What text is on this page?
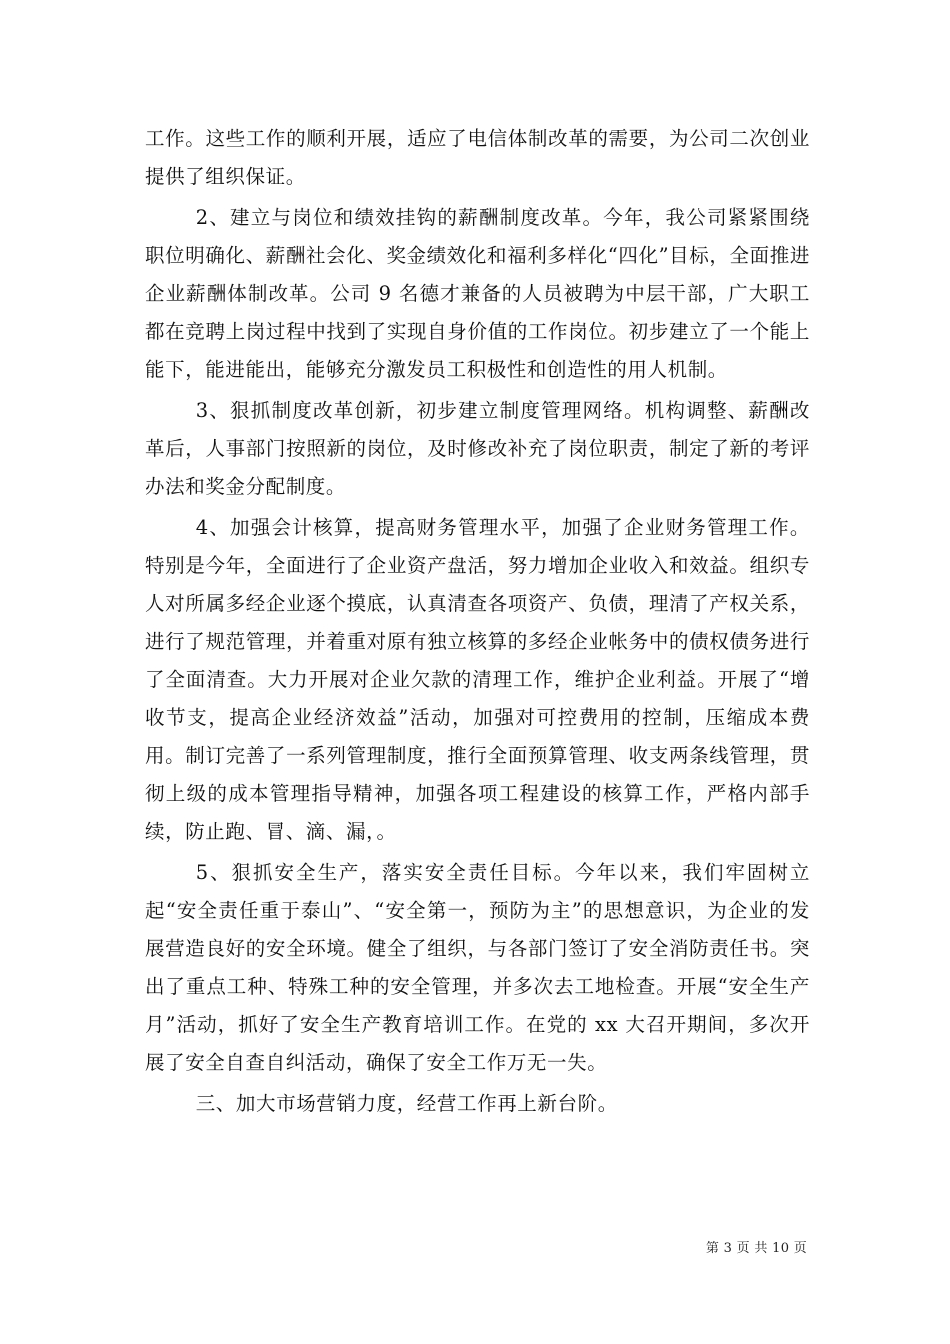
工作。这些工作的顺利开展，适应了电信体制改革的需要，为公司二次创业提供了组织保证。

2、建立与岗位和绩效挂钩的薪酬制度改革。今年，我公司紧紧围绕职位明确化、薪酬社会化、奖金绩效化和福利多样化“四化”目标，全面推进企业薪酬体制改革。公司 9 名德才兼备的人员被聘为中层干部，广大职工都在竞聘上岗过程中找到了实现自身价值的工作岗位。初步建立了一个能上能下，能进能出，能够充分激发员工积极性和创造性的用人机制。

3、狠抓制度改革创新，初步建立制度管理网络。机构调整、薪酬改革后，人事部门按照新的岗位，及时修改补充了岗位职责，制定了新的考评办法和奖金分配制度。

4、加强会计核算，提高财务管理水平，加强了企业财务管理工作。特别是今年，全面进行了企业资产盘活，努力增加企业收入和效益。组织专人对所属多经企业逐个摸底，认真清查各项资产、负债，理清了产权关系，进行了规范管理，并着重对原有独立核算的多经企业帐务中的债权债务进行了全面清查。大力开展对企业欠款的清理工作，维护企业利益。开展了“增收节支，提高企业经济效益”活动，加强对可控费用的控制，压缩成本费用。制订完善了一系列管理制度，推行全面预算管理、收支两条线管理，贯彻上级的成本管理指导精神，加强各项工程建设的核算工作，严格内部手续，防止跑、冒、滴、漏，。

5、狠抓安全生产，落实安全责任目标。今年以来，我们牢固树立起“安全责任重于泰山”、“安全第一，预防为主”的思想意识，为企业的发展营造良好的安全环境。健全了组织，与各部门签订了安全消防责任书。突出了重点工种、特殊工种的安全管理，并多次去工地检查。开展“安全生产月”活动，抓好了安全生产教育培训工作。在党的 xx 大召开期间，多次开展了安全自查自纠活动，确保了安全工作万无一失。

三、加大市场营销力度，经营工作再上新台阶。

第 3 页 共 10 页
